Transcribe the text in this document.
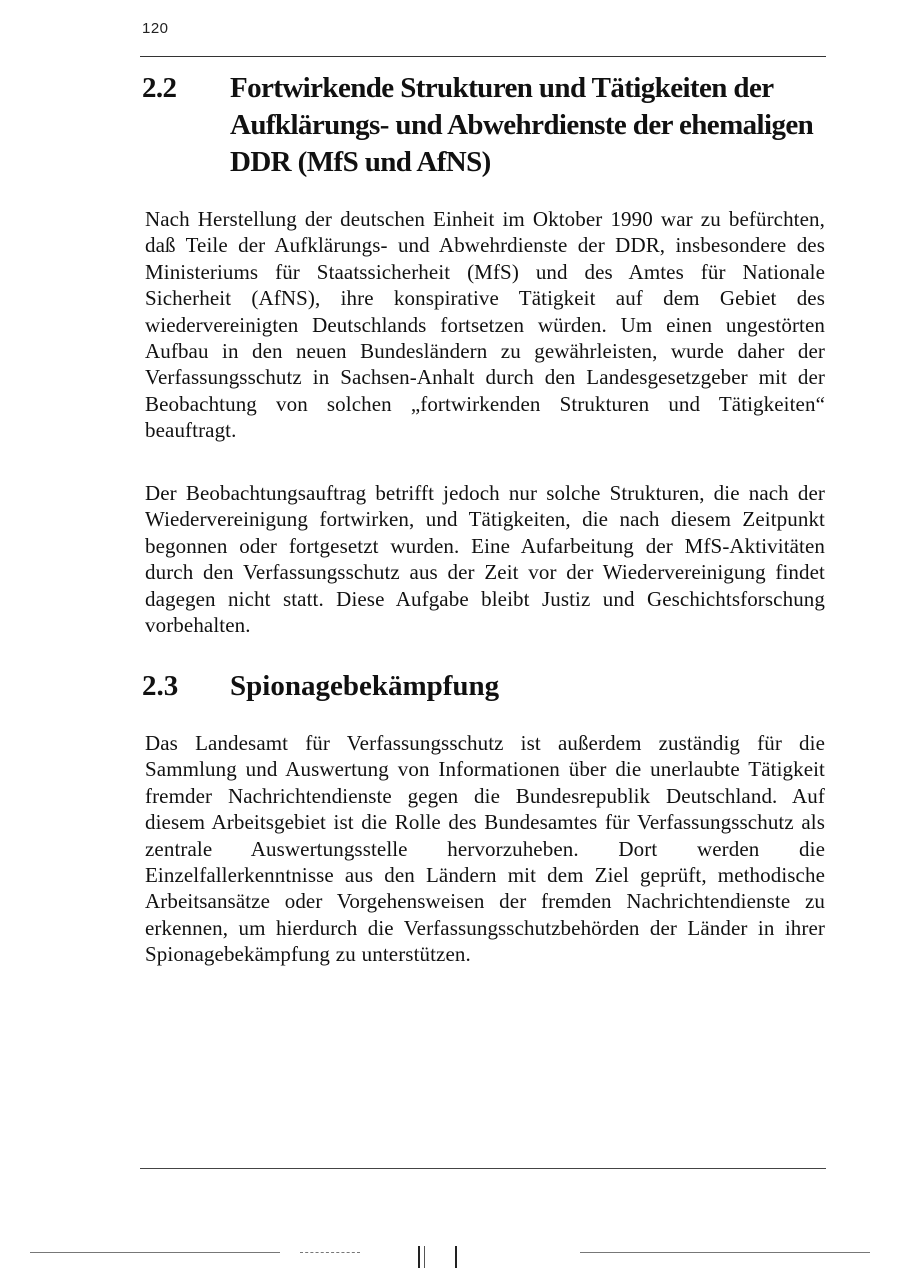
120
2.2	Fortwirkende Strukturen und Tätigkeiten der Aufklärungs- und Abwehrdienste der ehemaligen DDR (MfS und AfNS)

Nach Herstellung der deutschen Einheit im Oktober 1990 war zu befürchten, daß Teile der Aufklärungs- und Abwehrdienste der DDR, insbesondere des Ministeriums für Staatssicherheit (MfS) und des Amtes für Nationale Sicherheit (AfNS), ihre konspirative Tätigkeit auf dem Gebiet des wiedervereinigten Deutschlands fortsetzen würden. Um einen ungestörten Aufbau in den neuen Bundesländern zu gewährleisten, wurde daher der Verfassungsschutz in Sachsen-Anhalt durch den Landesgesetzgeber mit der Beobachtung von solchen „fortwirkenden Strukturen und Tätigkeiten“ beauftragt.

Der Beobachtungsauftrag betrifft jedoch nur solche Strukturen, die nach der Wiedervereinigung fortwirken, und Tätigkeiten, die nach diesem Zeitpunkt begonnen oder fortgesetzt wurden. Eine Aufarbeitung der MfS-Aktivitäten durch den Verfassungsschutz aus der Zeit vor der Wiedervereinigung findet dagegen nicht statt. Diese Aufgabe bleibt Justiz und Geschichtsforschung vorbehalten.

2.3	Spionagebekämpfung

Das Landesamt für Verfassungsschutz ist außerdem zuständig für die Sammlung und Auswertung von Informationen über die unerlaubte Tätigkeit fremder Nachrichtendienste gegen die Bundesrepublik Deutschland. Auf diesem Arbeitsgebiet ist die Rolle des Bundesamtes für Verfassungsschutz als zentrale Auswertungsstelle hervorzuheben. Dort werden die Einzelfallerkenntnisse aus den Ländern mit dem Ziel geprüft, methodische Arbeitsansätze oder Vorgehensweisen der fremden Nachrichtendienste zu erkennen, um hierdurch die Verfassungsschutzbehörden der Länder in ihrer Spionagebekämpfung zu unterstützen.
